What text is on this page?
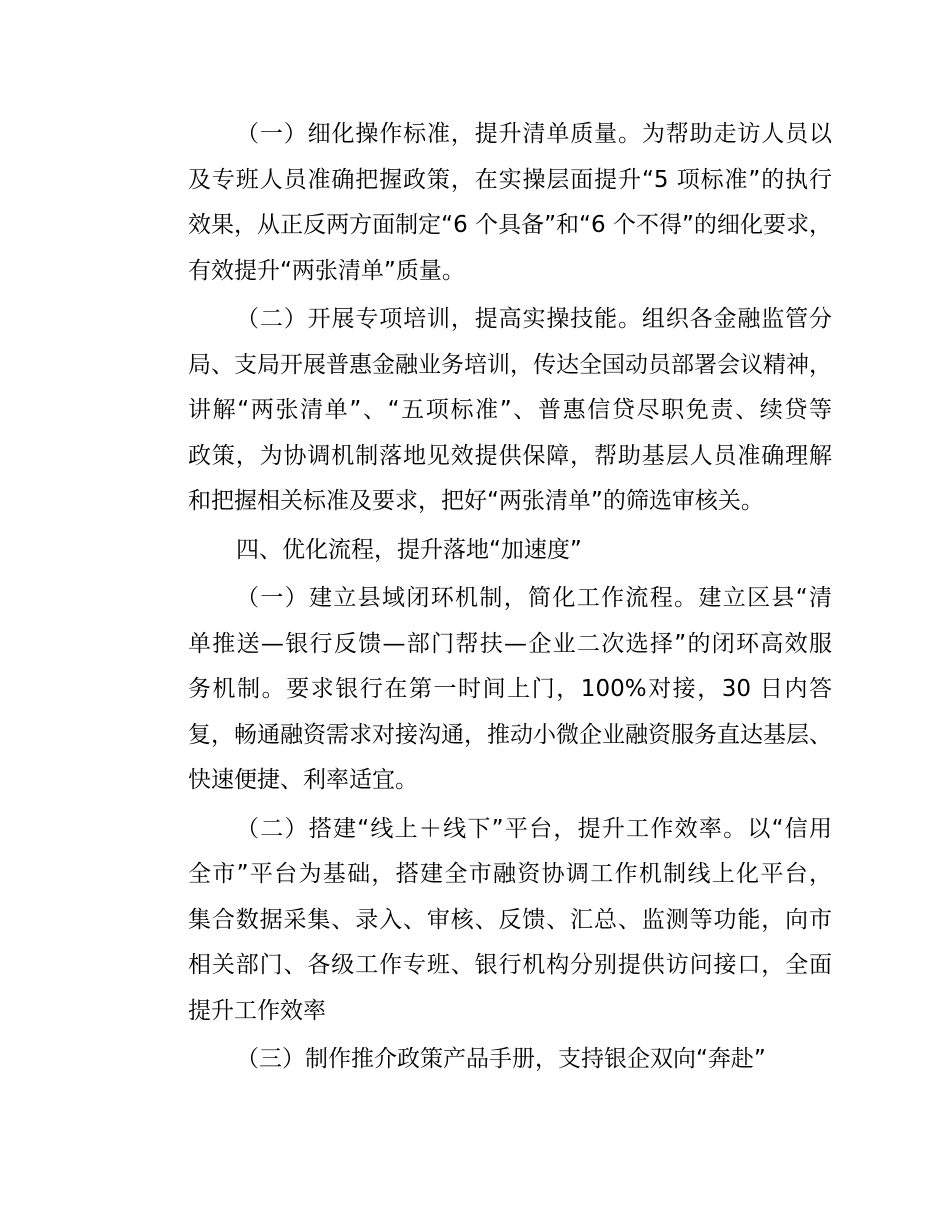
（一）细化操作标准，提升清单质量。为帮助走访人员以
及专班人员准确把握政策，在实操层面提升“5 项标准”的执行
效果，从正反两方面制定“6 个具备”和“6 个不得”的细化要求，
有效提升“两张清单”质量。
（二）开展专项培训，提高实操技能。组织各金融监管分
局、支局开展普惠金融业务培训，传达全国动员部署会议精神，
讲解“两张清单”、“五项标准”、普惠信贷尽职免责、续贷等
政策，为协调机制落地见效提供保障，帮助基层人员准确理解
和把握相关标准及要求，把好“两张清单”的筛选审核关。
四、优化流程，提升落地“加速度”
（一）建立县域闭环机制，简化工作流程。建立区县“清
单推送—银行反馈—部门帮扶—企业二次选择”的闭环高效服
务机制。要求银行在第一时间上门，100%对接，30 日内答
复，畅通融资需求对接沟通，推动小微企业融资服务直达基层、
快速便捷、利率适宜。
（二）搭建“线上＋线下”平台，提升工作效率。以“信用
全市”平台为基础，搭建全市融资协调工作机制线上化平台，
集合数据采集、录入、审核、反馈、汇总、监测等功能，向市
相关部门、各级工作专班、银行机构分别提供访问接口，全面
提升工作效率
（三）制作推介政策产品手册，支持银企双向“奔赴”
